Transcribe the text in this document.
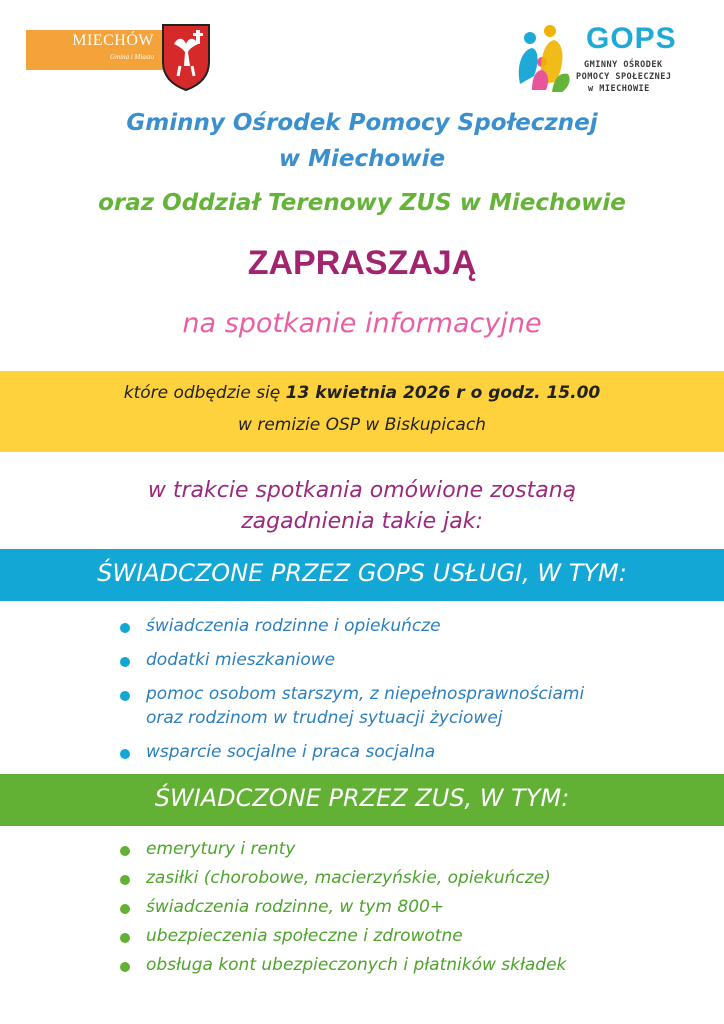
MIECHÓW
Gmina i Miasto
GOPS
GMINNY OŚRODEK
POMOCY SPOŁECZNEJ
w MIECHOWIE
Gminny Ośrodek Pomocy Społecznej
w Miechowie
oraz Oddział Terenowy ZUS w Miechowie
ZAPRASZAJĄ
na spotkanie informacyjne
które odbędzie się 13 kwietnia 2026 r o godz. 15.00
w remizie OSP w Biskupicach
w trakcie spotkania omówione zostaną
zagadnienia takie jak:
ŚWIADCZONE PRZEZ GOPS USŁUGI, W TYM:
świadczenia rodzinne i opiekuńcze
dodatki mieszkaniowe
pomoc osobom starszym, z niepełnosprawnościami
oraz rodzinom w trudnej sytuacji życiowej
wsparcie socjalne i praca socjalna
ŚWIADCZONE PRZEZ ZUS, W TYM:
emerytury i renty
zasiłki (chorobowe, macierzyńskie, opiekuńcze)
świadczenia rodzinne, w tym 800+
ubezpieczenia społeczne i zdrowotne
obsługa kont ubezpieczonych i płatników składek
